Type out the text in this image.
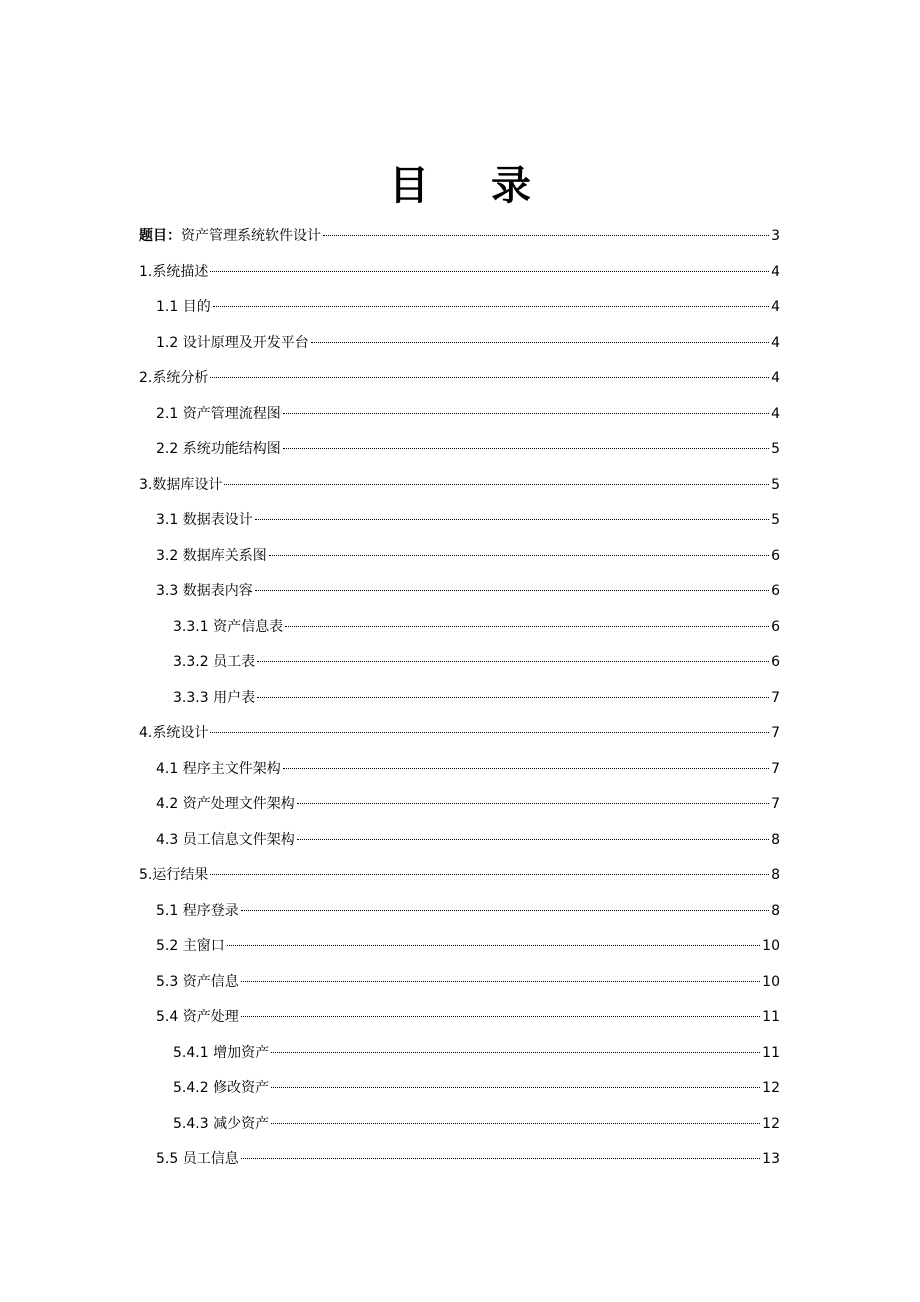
目 录
题目：资产管理系统软件设计	3
1.系统描述	4
1.1 目的	4
1.2 设计原理及开发平台	4
2.系统分析	4
2.1 资产管理流程图	4
2.2 系统功能结构图	5
3.数据库设计	5
3.1 数据表设计	5
3.2 数据库关系图	6
3.3 数据表内容	6
3.3.1 资产信息表	6
3.3.2 员工表	6
3.3.3 用户表	7
4.系统设计	7
4.1 程序主文件架构	7
4.2 资产处理文件架构	7
4.3 员工信息文件架构	8
5.运行结果	8
5.1 程序登录	8
5.2 主窗口	10
5.3 资产信息	10
5.4 资产处理	11
5.4.1 增加资产	11
5.4.2 修改资产	12
5.4.3 减少资产	12
5.5 员工信息	13
